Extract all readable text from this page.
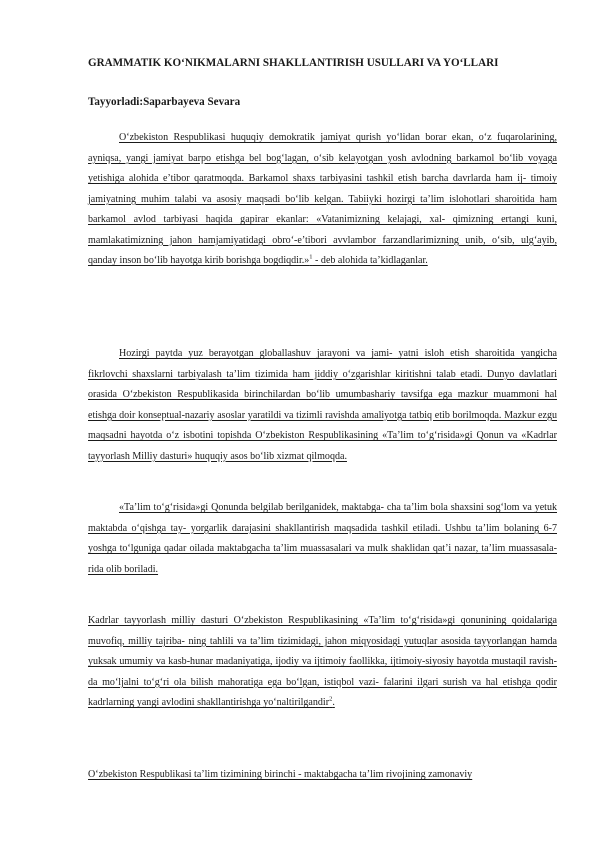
GRAMMATIK KO‘NIKMALARNI SHAKLLANTIRISH USULLARI VA YO‘LLARI
Tayyorladi:Saparbayeva Sevara
O‘zbekiston Respublikasi huquqiy demokratik jamiyat qurish yo‘lidan borar ekan, o‘z fuqarolarining, ayniqsa, yangi jamiyat barpo etishga bel bog‘lagan, o‘sib kelayotgan yosh avlodning barkamol bo‘lib voyaga yetishiga alohida e’tibor qaratmoqda. Barkamol shaxs tarbiyasini tashkil etish barcha davrlarda ham ij- timoiy jamiyatning muhim talabi va asosiy maqsadi bo‘lib kelgan. Tabiiyki hozirgi ta’lim islohotlari sharoitida ham barkamol avlod tarbiyasi haqida gapirar ekanlar: «Vatanimizning kelajagi, xal- qimizning ertangi kuni, mamlakatimizning jahon hamjamiyatidagi obro‘-e’tibori avvlambor farzandlarimizning unib, o‘sib, ulg‘ayib, qanday inson bo‘lib hayotga kirib borishga bogdiqdir.»$^1$ - deb alohida ta’kidlaganlar.
Hozirgi paytda yuz berayotgan globallashuv jarayoni va jami- yatni isloh etish sharoitida yangicha fikrlovchi shaxslarni tarbiyalash ta’lim tizimida ham jiddiy o‘zgarishlar kiritishni talab etadi. Dunyo davlatlari orasida O‘zbekiston Respublikasida birinchilardan bo‘lib umumbashariy tavsifga ega mazkur muammoni hal etishga doir konseptual-nazariy asoslar yaratildi va tizimli ravishda amaliyotga tatbiq etib borilmoqda. Mazkur ezgu maqsadni hayotda o‘z isbotini topishda O‘zbekiston Respublikasining «Ta’lim to‘g‘risida»gi Qonun va «Kadrlar tayyorlash Milliy dasturi» huquqiy asos bo‘lib xizmat qilmoqda.
«Ta’lim to‘g‘risida»gi Qonunda belgilab berilganidek, maktabga- cha ta’lim bola shaxsini sog‘lom va yetuk maktabda o‘qishga tay- yorgarlik darajasini shakllantirish maqsadida tashkil etiladi. Ushbu ta’lim bolaning 6-7 yoshga to‘lguniga qadar oilada maktabgacha ta’lim muassasalari va mulk shaklidan qat’i nazar, ta’lim muassasala- rida olib boriladi.
Kadrlar tayyorlash milliy dasturi O‘zbekiston Respublikasining «Ta’lim to‘g‘risida»gi qonunining qoidalariga muvofiq, milliy tajriba- ning tahlili va ta’lim tizimidagi, jahon miqyosidagi yutuqlar asosida tayyorlangan hamda yuksak umumiy va kasb-hunar madaniyatiga, ijodiy va ijtimoiy faollikka, ijtimoiy-siyosiy hayotda mustaqil ravish- da mo‘ljalni to‘g‘ri ola bilish mahoratiga ega bo‘lgan, istiqbol vazi- falarini ilgari surish va hal etishga qodir kadrlarning yangi avlodini shakllantirishga yo‘naltirilgandir$^2$.
O‘zbekiston Respublikasi ta’lim tizimining birinchi - maktabgacha ta’lim rivojining zamonaviy
